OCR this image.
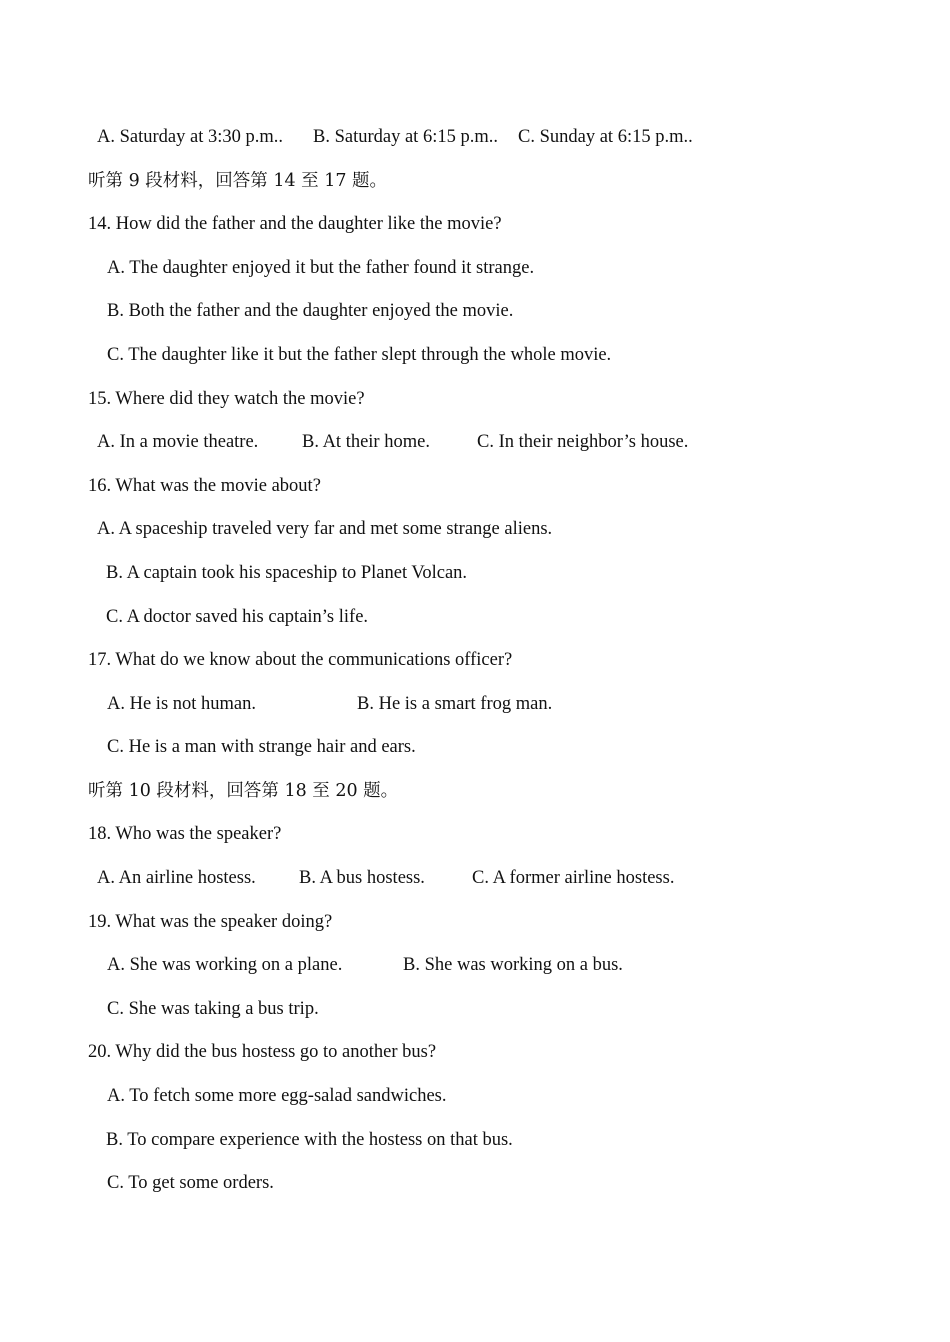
A. Saturday at 3:30 p.m.. B. Saturday at 6:15 p.m.. C. Sunday at 6:15 p.m..
听第 9 段材料，回答第 14 至 17 题。
14. How did the father and the daughter like the movie?
A. The daughter enjoyed it but the father found it strange.
B. Both the father and the daughter enjoyed the movie.
C. The daughter like it but the father slept through the whole movie.
15. Where did they watch the movie?
A. In a movie theatre. B. At their home.	C. In their neighbor’s house.
16. What was the movie about?
A. A spaceship traveled very far and met some strange aliens.
B. A captain took his spaceship to Planet Volcan.
C. A doctor saved his captain’s life.
17. What do we know about the communications officer?
A. He is not human.	B. He is a smart frog man.
C. He is a man with strange hair and ears.
听第 10 段材料，回答第 18 至 20 题。
18. Who was the speaker?
A. An airline hostess. B. A bus hostess.	C. A former airline hostess.
19. What was the speaker doing?
A. She was working on a plane.	B. She was working on a bus.
C. She was taking a bus trip.
20. Why did the bus hostess go to another bus?
A. To fetch some more egg-salad sandwiches.
B. To compare experience with the hostess on that bus.
C. To get some orders.
